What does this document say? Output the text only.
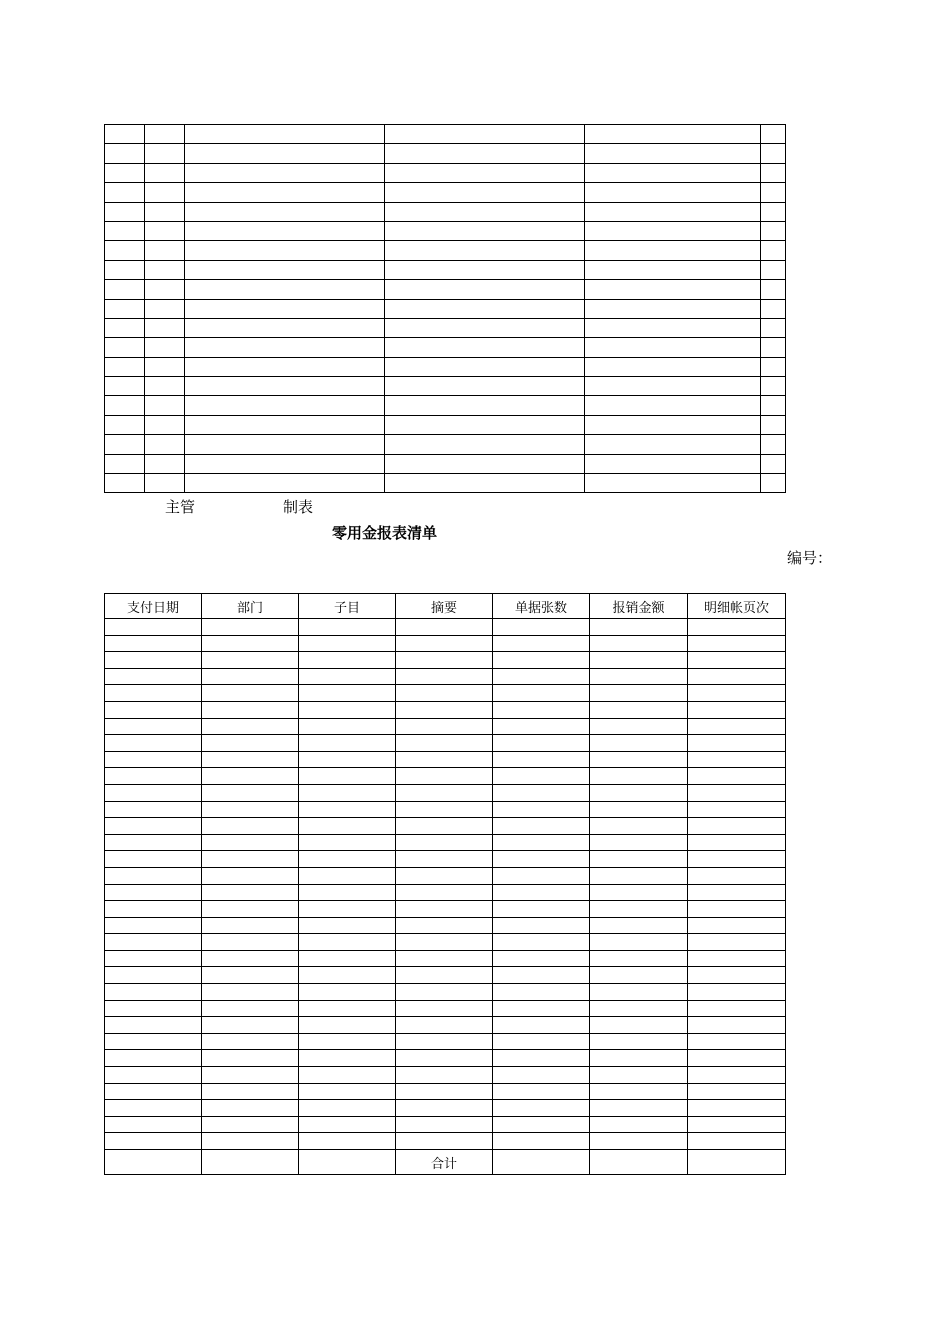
主管	制表
零用金报表清单
编号：
支付日期	部门	子目	摘要	单据张数	报销金额	明细帐页次

			合计			
